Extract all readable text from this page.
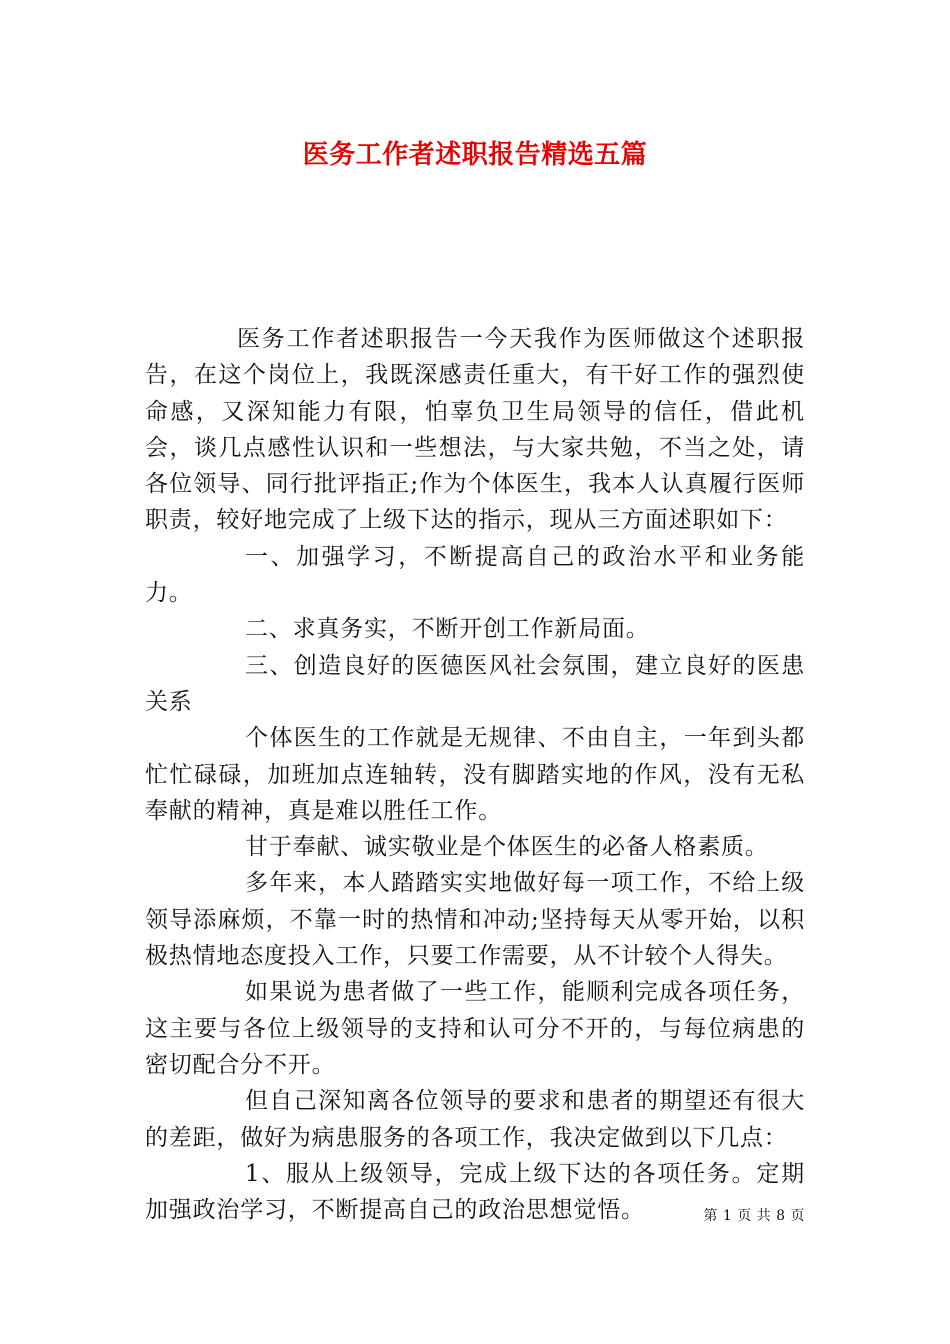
医务工作者述职报告精选五篇

医务工作者述职报告一今天我作为医师做这个述职报告，在这个岗位上，我既深感责任重大，有干好工作的强烈使命感，又深知能力有限，怕辜负卫生局领导的信任，借此机会，谈几点感性认识和一些想法，与大家共勉，不当之处，请各位领导、同行批评指正;作为个体医生，我本人认真履行医师职责，较好地完成了上级下达的指示，现从三方面述职如下：

一、加强学习，不断提高自己的政治水平和业务能力。

二、求真务实，不断开创工作新局面。

三、创造良好的医德医风社会氛围，建立良好的医患关系

个体医生的工作就是无规律、不由自主，一年到头都忙忙碌碌，加班加点连轴转，没有脚踏实地的作风，没有无私奉献的精神，真是难以胜任工作。

甘于奉献、诚实敬业是个体医生的必备人格素质。

多年来，本人踏踏实实地做好每一项工作，不给上级领导添麻烦，不靠一时的热情和冲动;坚持每天从零开始，以积极热情地态度投入工作，只要工作需要，从不计较个人得失。

如果说为患者做了一些工作，能顺利完成各项任务，这主要与各位上级领导的支持和认可分不开的，与每位病患的密切配合分不开。

但自己深知离各位领导的要求和患者的期望还有很大的差距，做好为病患服务的各项工作，我决定做到以下几点：

1、服从上级领导，完成上级下达的各项任务。定期加强政治学习，不断提高自己的政治思想觉悟。	第 1 页 共 8 页
